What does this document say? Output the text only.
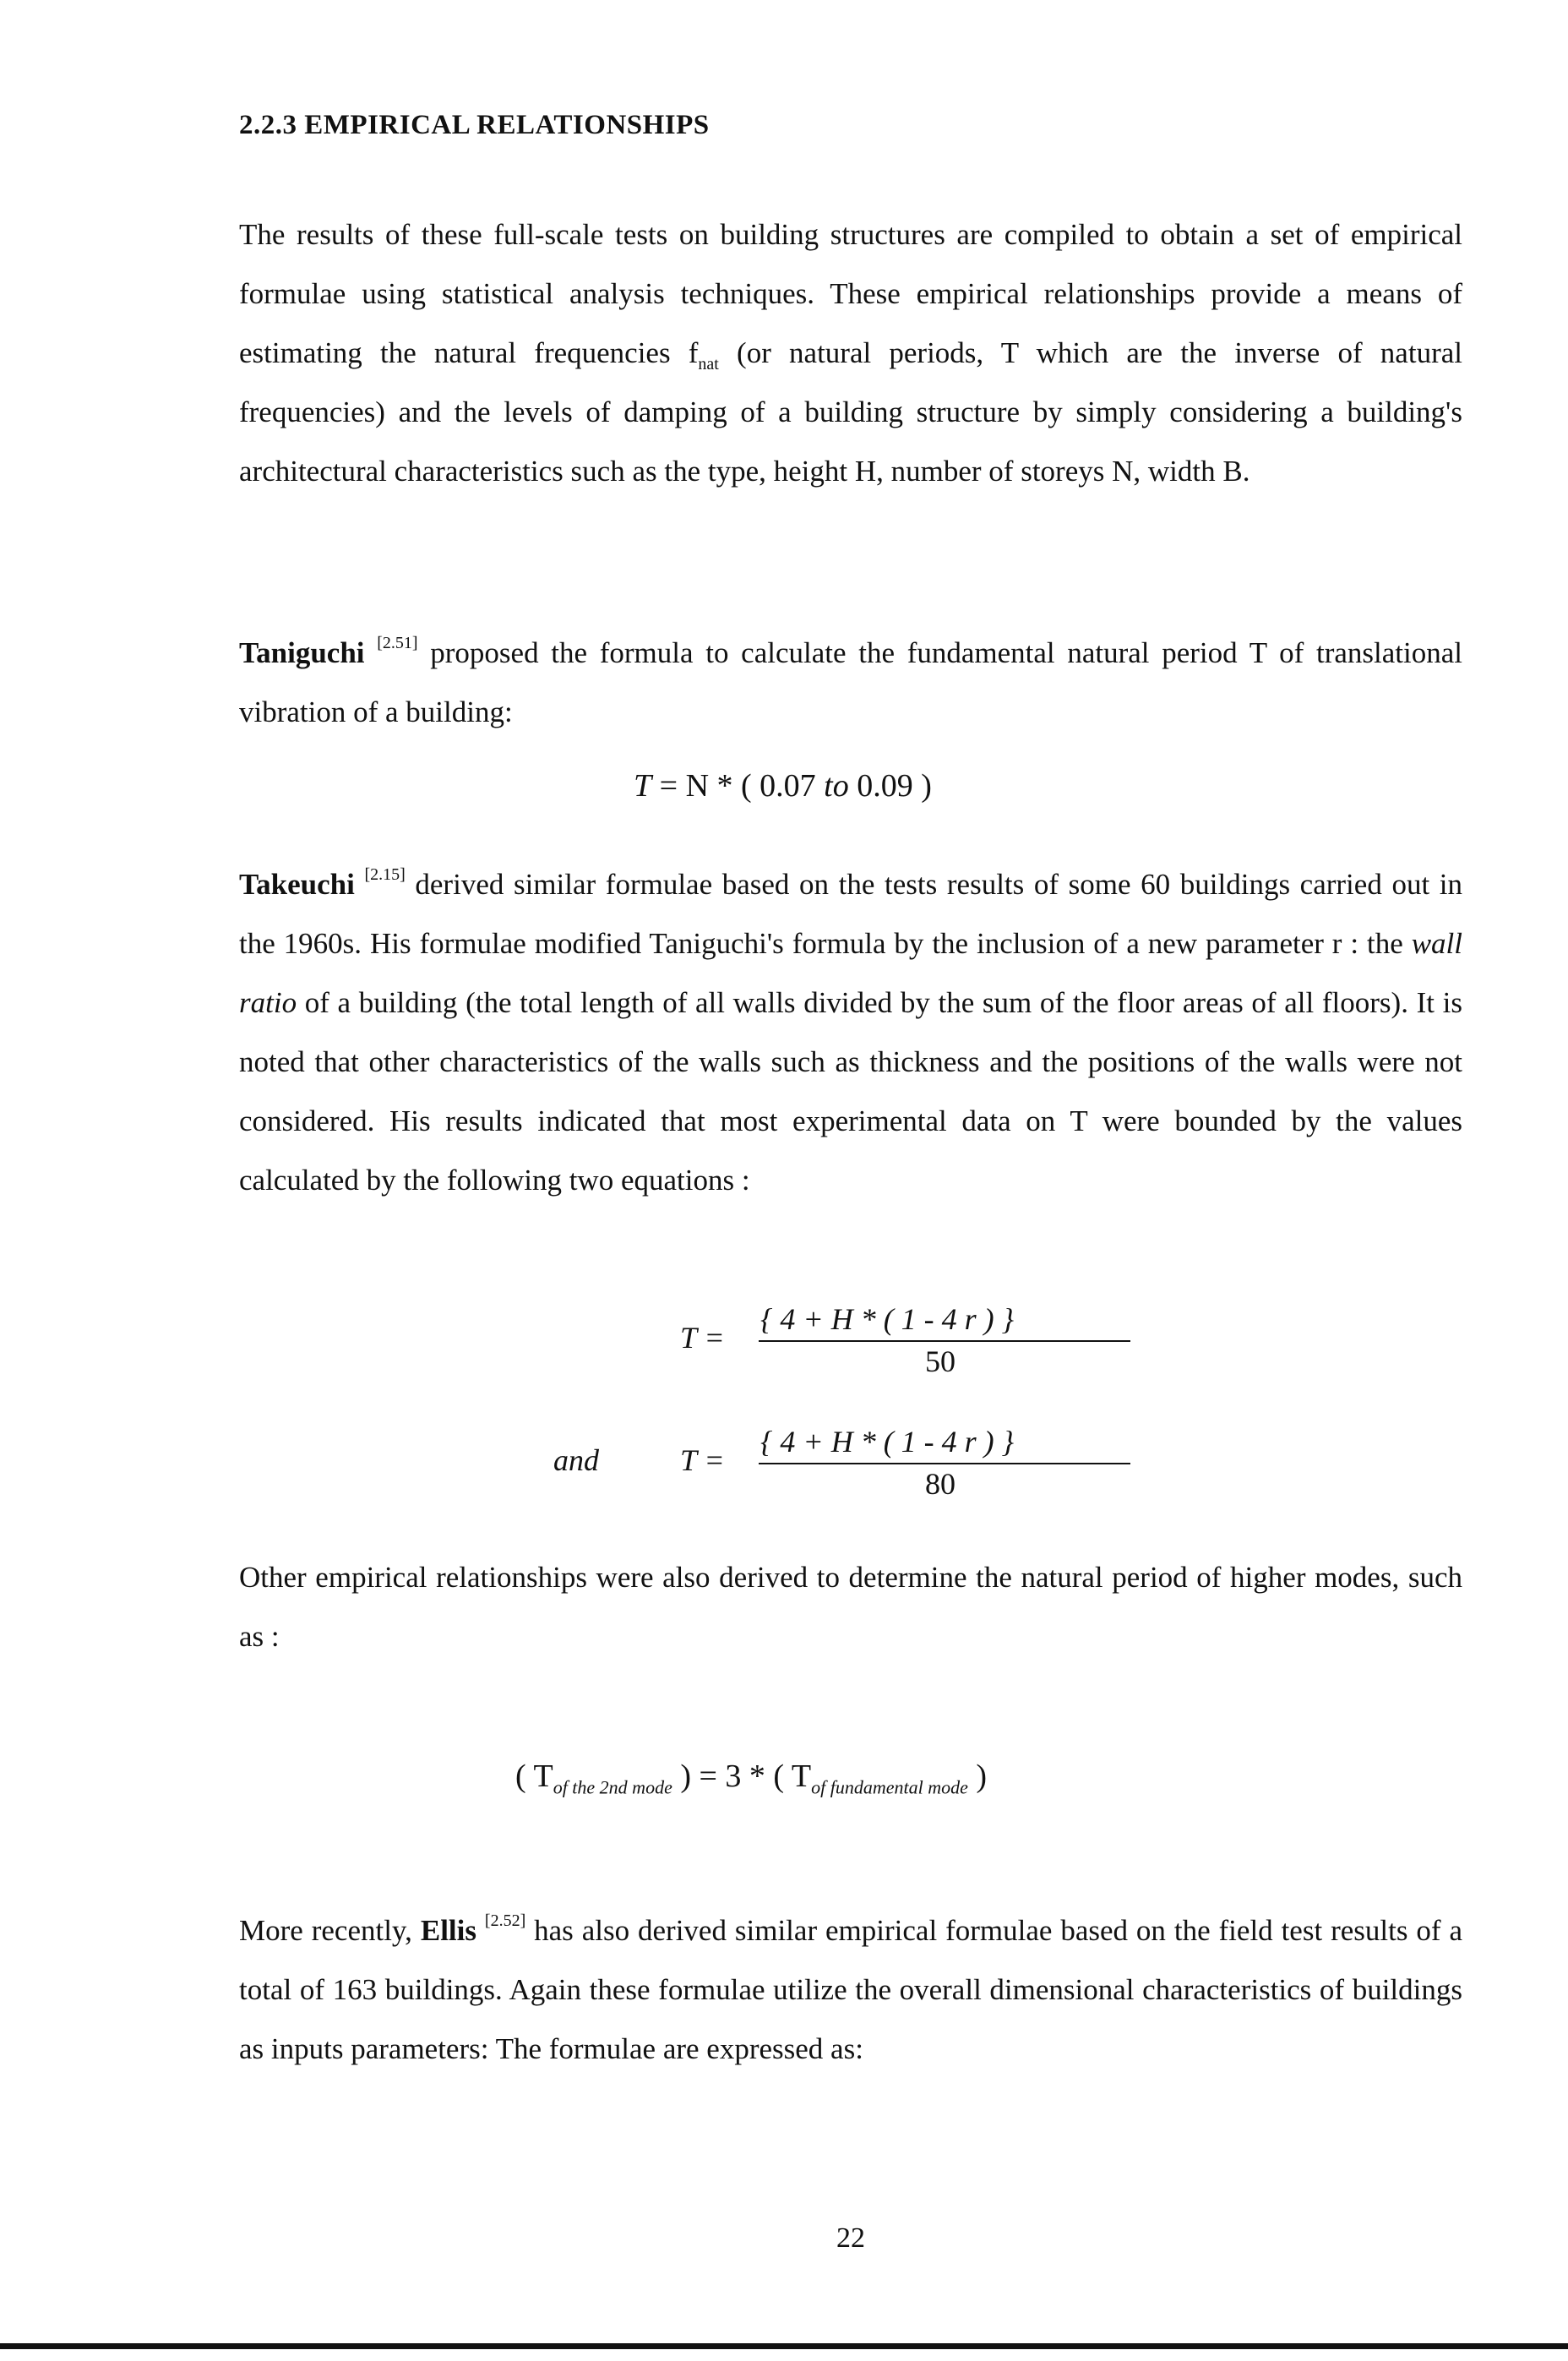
2.2.3 EMPIRICAL RELATIONSHIPS
The results of these full-scale tests on building structures are compiled to obtain a set of empirical formulae using statistical analysis techniques. These empirical relationships provide a means of estimating the natural frequencies $f_{nat}$ (or natural periods, T which are the inverse of natural frequencies) and the levels of damping of a building structure by simply considering a building's architectural characteristics such as the type, height H, number of storeys N, width B.
Taniguchi [2.51] proposed the formula to calculate the fundamental natural period T of translational vibration of a building:
T = N * ( 0.07 to 0.09 )
Takeuchi [2.15] derived similar formulae based on the tests results of some 60 buildings carried out in the 1960s. His formulae modified Taniguchi's formula by the inclusion of a new parameter r : the wall ratio of a building (the total length of all walls divided by the sum of the floor areas of all floors). It is noted that other characteristics of the walls such as thickness and the positions of the walls were not considered. His results indicated that most experimental data on T were bounded by the values calculated by the following two equations :
T =
{ 4 + H * ( 1 - 4 r ) }
50
and	T =
{ 4 + H * ( 1 - 4 r ) }
80
Other empirical relationships were also derived to determine the natural period of higher modes, such as :
( $T_{of the 2nd mode}$ ) = 3 * ( $T_{of fundamental mode}$ )
More recently, Ellis [2.52] has also derived similar empirical formulae based on the field test results of a total of 163 buildings. Again these formulae utilize the overall dimensional characteristics of buildings as inputs parameters: The formulae are expressed as:
22
